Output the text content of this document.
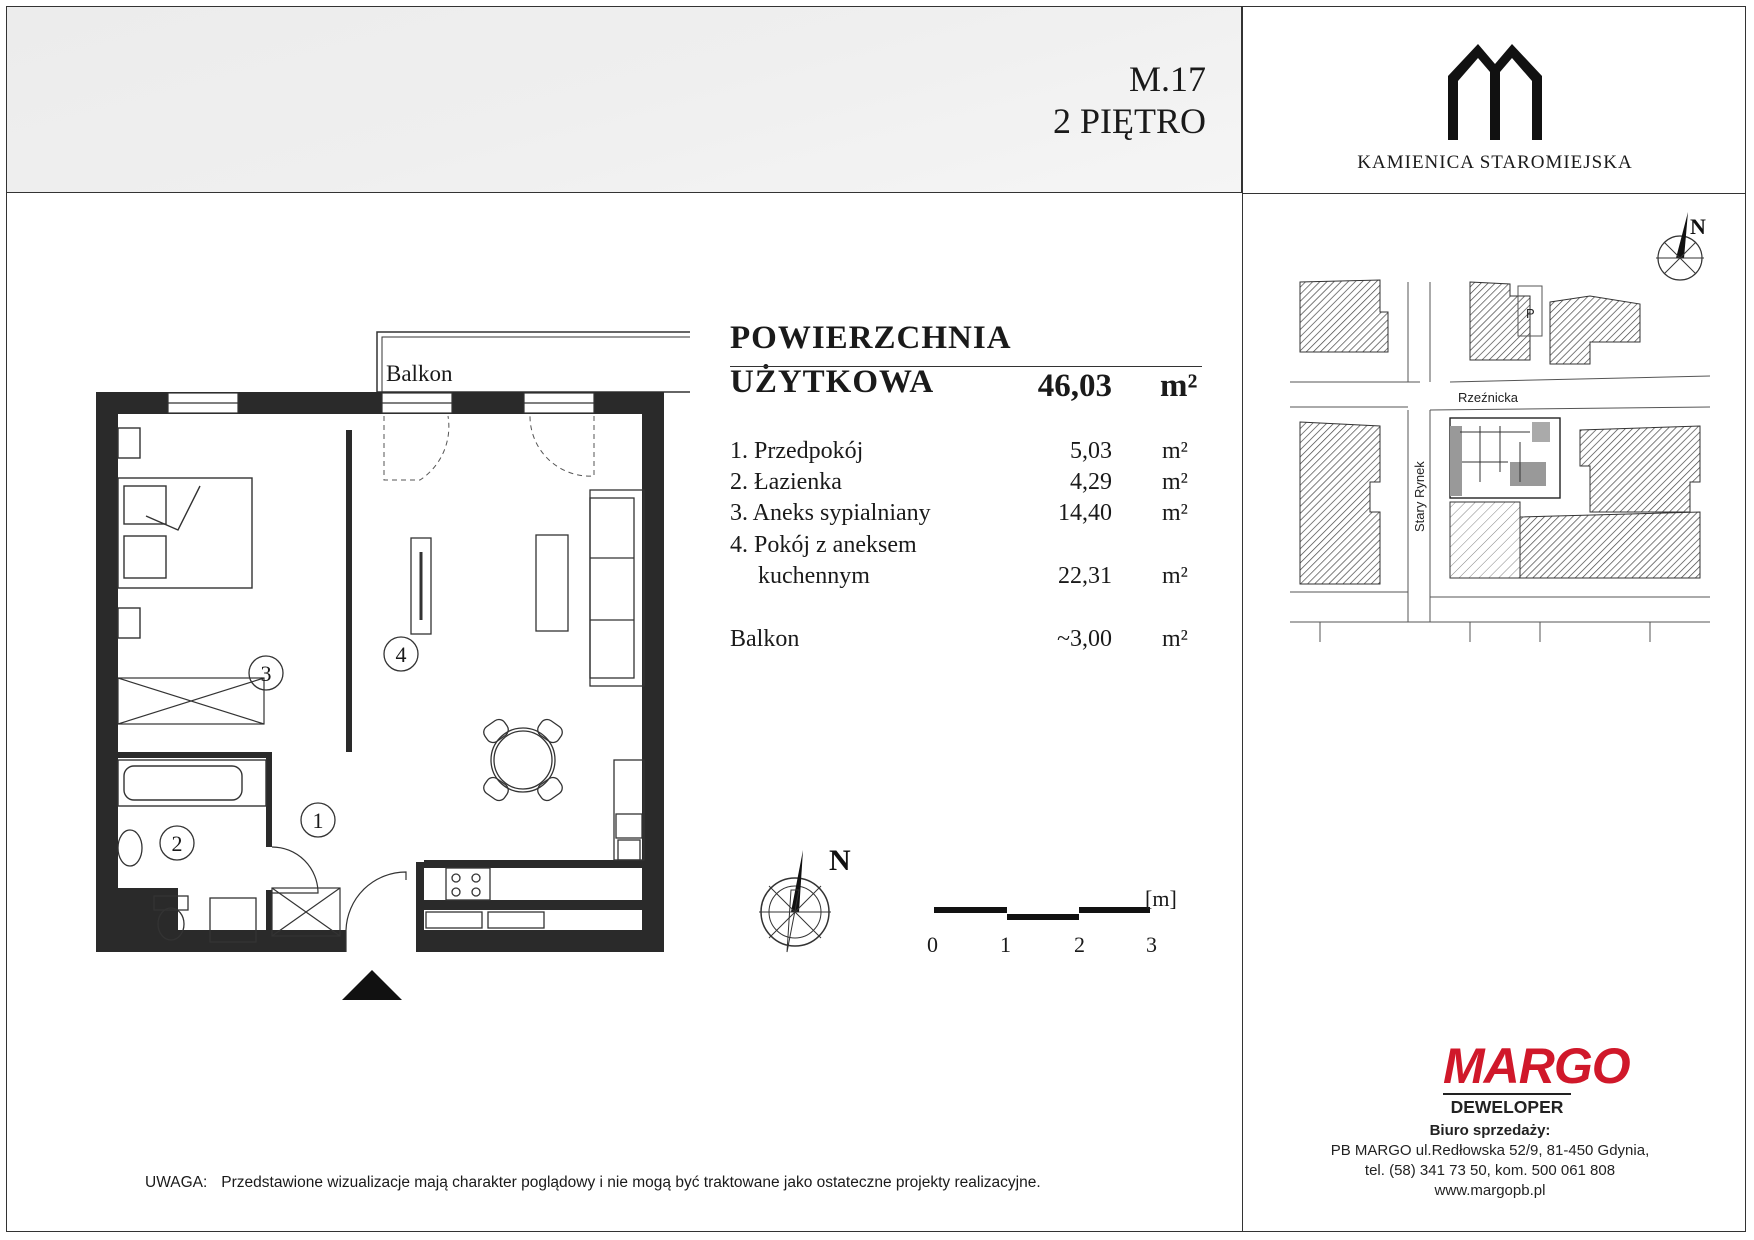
M.17
2 PIĘTRO
KAMIENICA STAROMIEJSKA
POWIERZCHNIA
UŻYTKOWA	46,03 m²
1. Przedpokój	5,03 m²
2. Łazienka	4,29 m²
3. Aneks sypialniany	14,40 m²
4. Pokój z aneksem
kuchennym	22,31 m²
Balkon	~3,00 m²
Balkon
1
2
3
4
N
[m]
0	1	2	3
N
P
Rzeźnicka
Stary Rynek
UWAGA: Przedstawione wizualizacje mają charakter poglądowy i nie mogą być traktowane jako ostateczne projekty realizacyjne.
MARGO
DEWELOPER
Biuro sprzedaży:
PB MARGO ul.Redłowska 52/9, 81-450 Gdynia,
tel. (58) 341 73 50, kom. 500 061 808
www.margopb.pl
